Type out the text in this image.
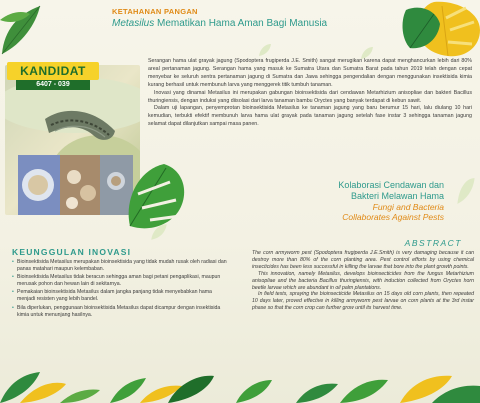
KETAHANAN PANGAN
Metasilus Mematikan Hama Aman Bagi Manusia
KANDIDAT
6407 - 039

Serangan hama ulat grayak jagung (Spodoptera frugiperda J.E. Smith) sangat merugikan karena dapat menghancurkan lebih dari 80% areal pertanaman jagung. Serangan hama yang masuk ke Sumatra Utara dan Sumatra Barat pada tahun 2019 telah dengan cepat menyebar ke seluruh sentra pertanaman jagung di Sumatra dan Jawa sehingga pengendalian dengan menggunakan insektisida kimia kurang berhasil untuk membunuh larva yang menggerek titik tumbuh tanaman.

Inovasi yang dinamai Metasilus ini merupakan gabungan bioinsektisida dari cendawan Metarhizium anisopliae dan bakteri Bacillus thuringiensis, dengan induksi yang diisolasi dari larva tanaman bambu Oryctes yang banyak terdapat di kebun sawit.

Dalam uji lapangan, penyemprotan bioinsektisida Metasilus ke tanaman jagung yang baru berumur 15 hari, lalu diulang 10 hari kemudian, terbukti efektif membunuh larva hama ulat grayak pada tanaman jagung setelah fase instar 3 sehingga tanaman jagung selamat dapat dilanjutkan sampai masa panen.

Kolaborasi Cendawan dan
Bakteri Melawan Hama
Fungi and Bacteria
Collaborates Against Pests
KEUNGGULAN INOVASI
• Bioinsektisida Metasilus merupakan bioinsektisida yang tidak mudah rusak oleh radiasi dan panas matahari maupun kelembaban.
• Bioinsektisida Metasilus tidak beracun sehingga aman bagi petani pengaplikasi, maupun merusak pohon dan hewan lain di sekitarnya.
• Pemakaian bioinsektisida Metasilus dalam jangka panjang tidak menyebabkan hama menjadi resisten yang lebih bandel.
• Bila diperlukan, penggunaan bioinsektisida Metasilus dapat dicampur dengan insektisida kimia untuk menunjang hasilnya.
ABSTRACT

The corn armyworm pest (Spodoptera frugiperda J.E.Smith) is very damaging because it can destroy more than 80% of the corn planting area. Pest control efforts by using chemical insecticides has been less successful in killing the larvae that bore into the plant growth points.

This innovation, namely Metasilus, develops bioinsecticides from the fungus Metarhizium anisopliae and the bacteria Bacillus thuringiensis, with induction collected from Oryctes horn beetle larvae which are abundant in oil palm plantations.

In field tests, spraying the bioinsecticide Metasilus on 15 days old corn plants, then repeated 10 days later, proved effective in killing armyworm pest larvae on corn plants at the 3rd instar phase so that the corn crop can further grow until its harvest time.
